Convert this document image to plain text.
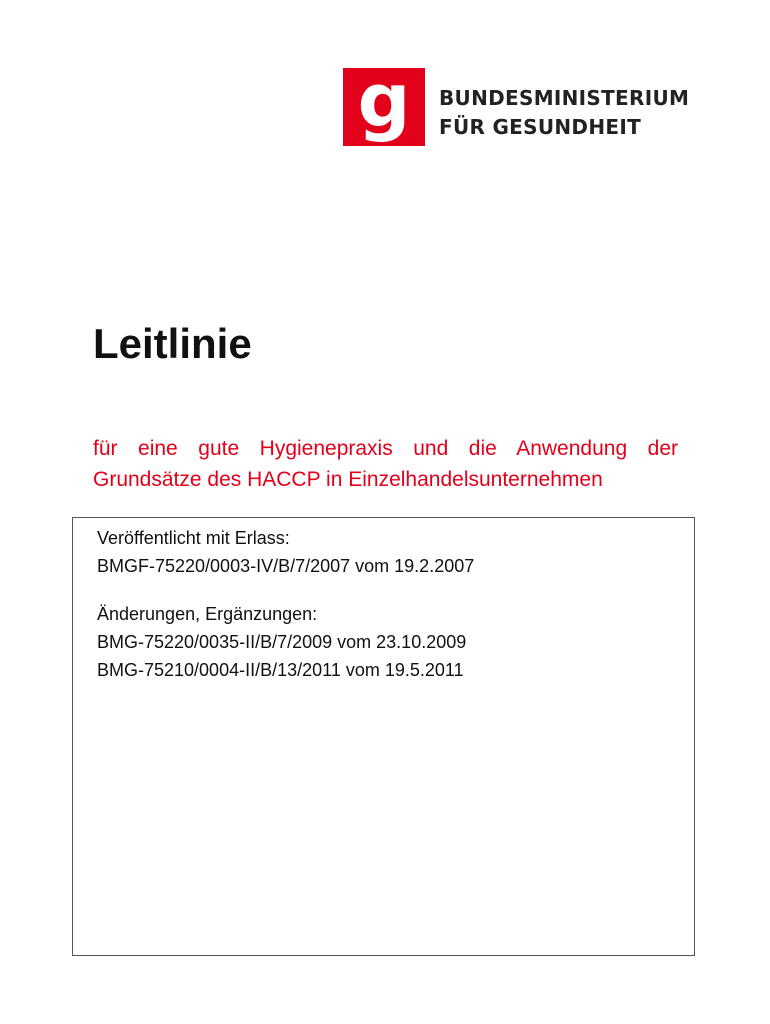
g BUNDESMINISTERIUM
FÜR GESUNDHEIT
Leitlinie

für eine gute Hygienepraxis und die Anwendung der Grundsätze des HACCP in Einzelhandelsunternehmen

Veröffentlicht mit Erlass:

BMGF-75220/0003-IV/B/7/2007 vom 19.2.2007

Änderungen, Ergänzungen:

BMG-75220/0035-II/B/7/2009 vom 23.10.2009

BMG-75210/0004-II/B/13/2011 vom 19.5.2011
